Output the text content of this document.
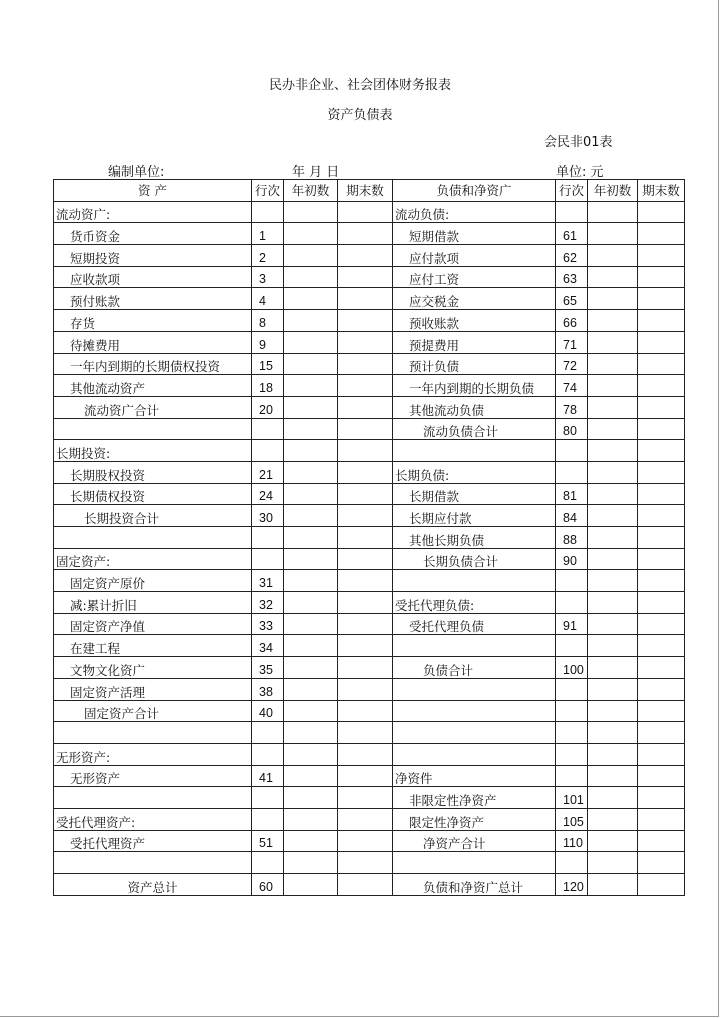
民办非企业、社会团体财务报表
资产负债表
会民非01表
编制单位:	年 月 日	单位: 元
资 产	行次	年初数	期末数	负债和净资广	行次	年初数	期末数
流动资广:				流动负债:			
货币资金	1			短期借款	61		
短期投资	2			应付款项	62		
应收款项	3			应付工资	63		
预付账款	4			应交税金	65		
存货	8			预收账款	66		
待摊费用	9			预提费用	71		
一年内到期的长期债权投资	15			预计负债	72		
其他流动资产	18			一年内到期的长期负债	74		
流动资广合计	20			其他流动负债	78		
				流动负债合计	80		
长期投资:							
长期股权投资	21			长期负债:			
长期债权投资	24			长期借款	81		
长期投资合计	30			长期应付款	84		
				其他长期负债	88		
固定资产:				长期负债合计	90		
固定资产原价	31						
减:累计折旧	32			受托代理负债:			
固定资产净值	33			受托代理负债	91		
在建工程	34						
文物文化资广	35			负债合计	100		
固定资产活理	38						
固定资产合计	40						

无形资产:							
无形资产	41			净资件			
				非限定性净资产	101		
受托代理资产:				限定性净资产	105		
受托代理资产	51			净资产合计	110		

资产总计	60			负债和净资广总计	120		
